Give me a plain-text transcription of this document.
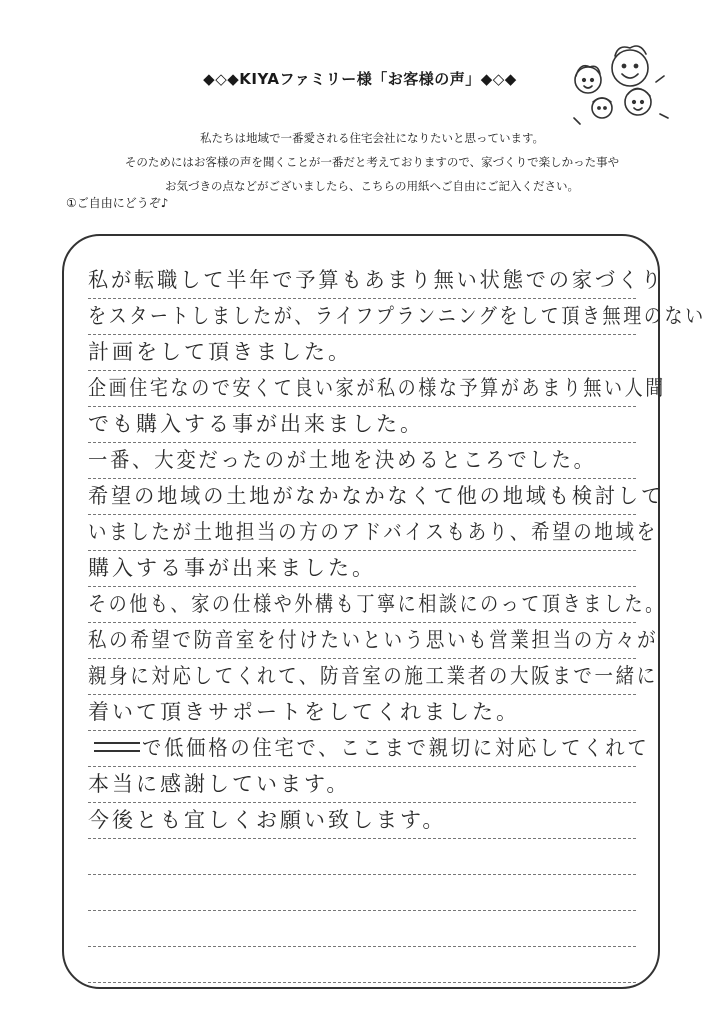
◆◇◆KIYAファミリー様「お客様の声」◆◇◆
私たちは地域で一番愛される住宅会社になりたいと思っています。
そのためにはお客様の声を聞くことが一番だと考えておりますので、家づくりで楽しかった事や
お気づきの点などがございましたら、こちらの用紙へご自由にご記入ください。
①ご自由にどうぞ♪
私が転職して半年で予算もあまり無い状態での家づくり
をスタートしましたが、ライフプランニングをして頂き無理のない
計画をして頂きました。
企画住宅なので安くて良い家が私の様な予算があまり無い人間
でも購入する事が出来ました。
一番、大変だったのが土地を決めるところでした。
希望の地域の土地がなかなかなくて他の地域も検討して
いましたが土地担当の方のアドバイスもあり、希望の地域を
購入する事が出来ました。
その他も、家の仕様や外構も丁寧に相談にのって頂きました。
私の希望で防音室を付けたいという思いも営業担当の方々が
親身に対応してくれて、防音室の施工業者の大阪まで一緒に
着いて頂きサポートをしてくれました。
で低価格の住宅で、ここまで親切に対応してくれて
本当に感謝しています。
今後とも宜しくお願い致します。
